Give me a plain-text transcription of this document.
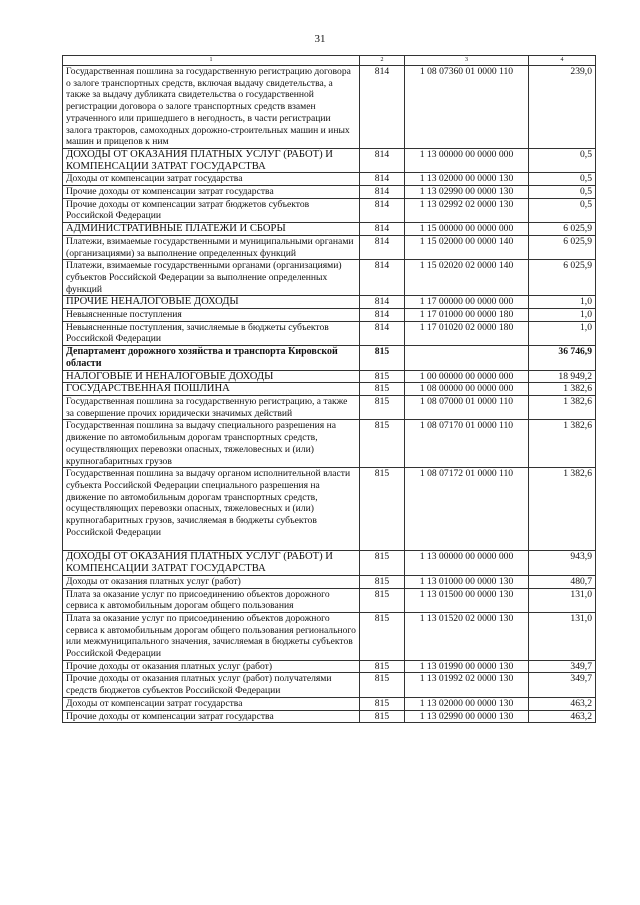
31
1	2	3	4
Государственная пошлина за государственную регистрацию договора о залоге транспортных средств, включая выдачу свидетельства, а также за выдачу дубликата свидетельства о государственной регистрации договора о залоге транспортных средств взамен утраченного или пришедшего в негодность, в части регистрации залога тракторов, самоходных дорожно-строительных машин и иных машин и прицепов к ним	814	1 08 07360 01 0000 110	239,0
ДОХОДЫ ОТ ОКАЗАНИЯ ПЛАТНЫХ УСЛУГ (РАБОТ) И КОМПЕНСАЦИИ ЗАТРАТ ГОСУДАРСТВА	814	1 13 00000 00 0000 000	0,5
Доходы от компенсации затрат государства	814	1 13 02000 00 0000 130	0,5
Прочие доходы от компенсации затрат государства	814	1 13 02990 00 0000 130	0,5
Прочие доходы от компенсации затрат бюджетов субъектов Российской Федерации	814	1 13 02992 02 0000 130	0,5
АДМИНИСТРАТИВНЫЕ ПЛАТЕЖИ И СБОРЫ	814	1 15 00000 00 0000 000	6 025,9
Платежи, взимаемые государственными и муниципальными органами (организациями) за выполнение определенных функций	814	1 15 02000 00 0000 140	6 025,9
Платежи, взимаемые государственными органами (организациями) субъектов Российской Федерации за выполнение определенных функций	814	1 15 02020 02 0000 140	6 025,9
ПРОЧИЕ НЕНАЛОГОВЫЕ ДОХОДЫ	814	1 17 00000 00 0000 000	1,0
Невыясненные поступления	814	1 17 01000 00 0000 180	1,0
Невыясненные поступления, зачисляемые в бюджеты субъектов Российской Федерации	814	1 17 01020 02 0000 180	1,0
Департамент дорожного хозяйства и транспорта Кировской области	815		36 746,9
НАЛОГОВЫЕ И НЕНАЛОГОВЫЕ ДОХОДЫ	815	1 00 00000 00 0000 000	18 949,2
ГОСУДАРСТВЕННАЯ ПОШЛИНА	815	1 08 00000 00 0000 000	1 382,6
Государственная пошлина за государственную регистрацию, а также за совершение прочих юридически значимых действий	815	1 08 07000 01 0000 110	1 382,6
Государственная пошлина за выдачу специального разрешения на движение по автомобильным дорогам транспортных средств, осуществляющих перевозки опасных, тяжеловесных и (или) крупногабаритных грузов	815	1 08 07170 01 0000 110	1 382,6
Государственная пошлина за выдачу органом исполнительной власти субъекта Российской Федерации специального разрешения на движение по автомобильным дорогам транспортных средств, осуществляющих перевозки опасных, тяжеловесных и (или) крупногабаритных грузов, зачисляемая в бюджеты субъектов Российской Федерации	815	1 08 07172 01 0000 110	1 382,6
ДОХОДЫ ОТ ОКАЗАНИЯ ПЛАТНЫХ УСЛУГ (РАБОТ) И КОМПЕНСАЦИИ ЗАТРАТ ГОСУДАРСТВА	815	1 13 00000 00 0000 000	943,9
Доходы от оказания платных услуг (работ)	815	1 13 01000 00 0000 130	480,7
Плата за оказание услуг по присоединению объектов дорожного сервиса к автомобильным дорогам общего пользования	815	1 13 01500 00 0000 130	131,0
Плата за оказание услуг по присоединению объектов дорожного сервиса к автомобильным дорогам общего пользования регионального или межмуниципального значения, зачисляемая в бюджеты субъектов Российской Федерации	815	1 13 01520 02 0000 130	131,0
Прочие доходы от оказания платных услуг (работ)	815	1 13 01990 00 0000 130	349,7
Прочие доходы от оказания платных услуг (работ) получателями средств бюджетов субъектов Российской Федерации	815	1 13 01992 02 0000 130	349,7
Доходы от компенсации затрат государства	815	1 13 02000 00 0000 130	463,2
Прочие доходы от компенсации затрат государства	815	1 13 02990 00 0000 130	463,2
